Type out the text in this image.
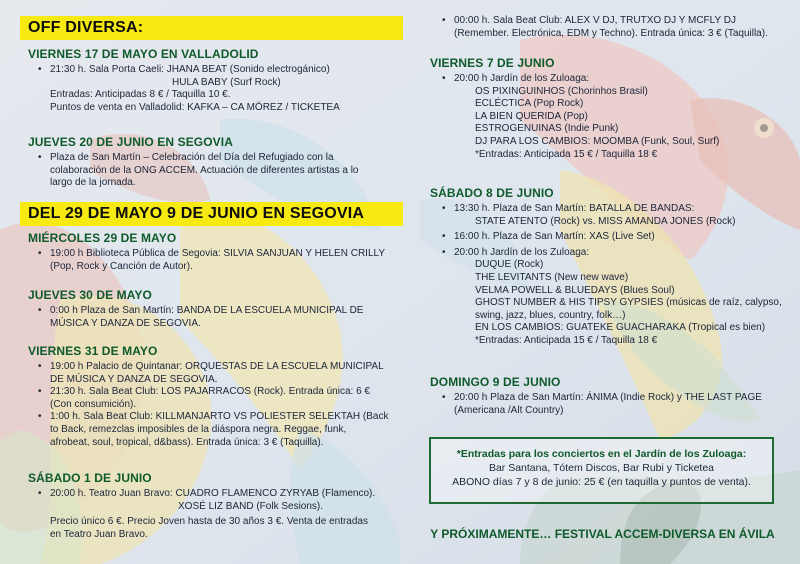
OFF DIVERSA:
VIERNES 17 DE MAYO EN VALLADOLID
• 21:30 h. Sala Porta Caeli: JHANA BEAT (Sonido electrogánico)
HULA BABY (Surf Rock)
Entradas: Anticipadas 8 € / Taquilla 10 €.
Puntos de venta en Valladolid: KAFKA – CA MÖREZ / TICKETEA
JUEVES 20 DE JUNIO EN SEGOVIA
• Plaza de San Martín – Celebración del Día del Refugiado con la
colaboración de la ONG ACCEM. Actuación de diferentes artistas a lo
largo de la jornada.
DEL 29 DE MAYO 9 DE JUNIO EN SEGOVIA
MIÉRCOLES 29 DE MAYO
• 19:00 h Biblioteca Pública de Segovia: SILVIA SANJUAN Y HELEN CRILLY
(Pop, Rock y Canción de Autor).
JUEVES 30 DE MAYO
• 0:00 h Plaza de San Martín: BANDA DE LA ESCUELA MUNICIPAL DE
MÚSICA Y DANZA DE SEGOVIA.
VIERNES 31 DE MAYO
• 19:00 h Palacio de Quintanar: ORQUESTAS DE LA ESCUELA MUNICIPAL
DE MÚSICA Y DANZA DE SEGOVIA.
• 21:30 h. Sala Beat Club: LOS PAJARRACOS (Rock). Entrada única: 6 €
(Con consumición).
• 1:00 h. Sala Beat Club: KILLMANJARTO VS POLIESTER SELEKTAH (Back
to Back, remezclas imposibles de la diáspora negra. Reggae, funk,
afrobeat, soul, tropical, d&bass). Entrada única: 3 € (Taquilla).
SÁBADO 1 DE JUNIO
• 20:00 h. Teatro Juan Bravo: CUADRO FLAMENCO ZYRYAB (Flamenco).
XOSÉ LIZ BAND (Folk Sesions).
Precio único 6 €. Precio Joven hasta de 30 años 3 €. Venta de entradas
en Teatro Juan Bravo.
• 00:00 h. Sala Beat Club: ALEX V DJ, TRUTXO DJ Y MCFLY DJ
(Remember. Electrónica, EDM y Techno). Entrada única: 3 € (Taquilla).
VIERNES 7 DE JUNIO
• 20:00 h Jardín de los Zuloaga:
OS PIXINGUINHOS (Chorinhos Brasil)
ECLÉCTICA (Pop Rock)
LA BIEN QUERIDA (Pop)
ESTROGENUINAS (Indie Punk)
DJ PARA LOS CAMBIOS: MOOMBA (Funk, Soul, Surf)
*Entradas: Anticipada 15 € / Taquilla 18 €
SÁBADO 8 DE JUNIO
• 13:30 h. Plaza de San Martín: BATALLA DE BANDAS:
STATE ATENTO (Rock) vs. MISS AMANDA JONES (Rock)
• 16:00 h. Plaza de San Martín: XAS (Live Set)
• 20:00 h Jardín de los Zuloaga:
DUQUE (Rock)
THE LEVITANTS (New new wave)
VELMA POWELL & BLUEDAYS (Blues Soul)
GHOST NUMBER & HIS TIPSY GYPSIES (músicas de raíz, calypso,
swing, jazz, blues, country, folk…)
EN LOS CAMBIOS: GUATEKE GUACHARAKA (Tropical es bien)
*Entradas: Anticipada 15 € / Taquilla 18 €
DOMINGO 9 DE JUNIO
• 20:00 h Plaza de San Martín: ÁNIMA (Indie Rock) y THE LAST PAGE
(Americana /Alt Country)
*Entradas para los conciertos en el Jardín de los Zuloaga:
Bar Santana, Tótem Discos, Bar Rubi y Ticketea
ABONO días 7 y 8 de junio: 25 € (en taquilla y puntos de venta).
Y PRÓXIMAMENTE… FESTIVAL ACCEM-DIVERSA EN ÁVILA
